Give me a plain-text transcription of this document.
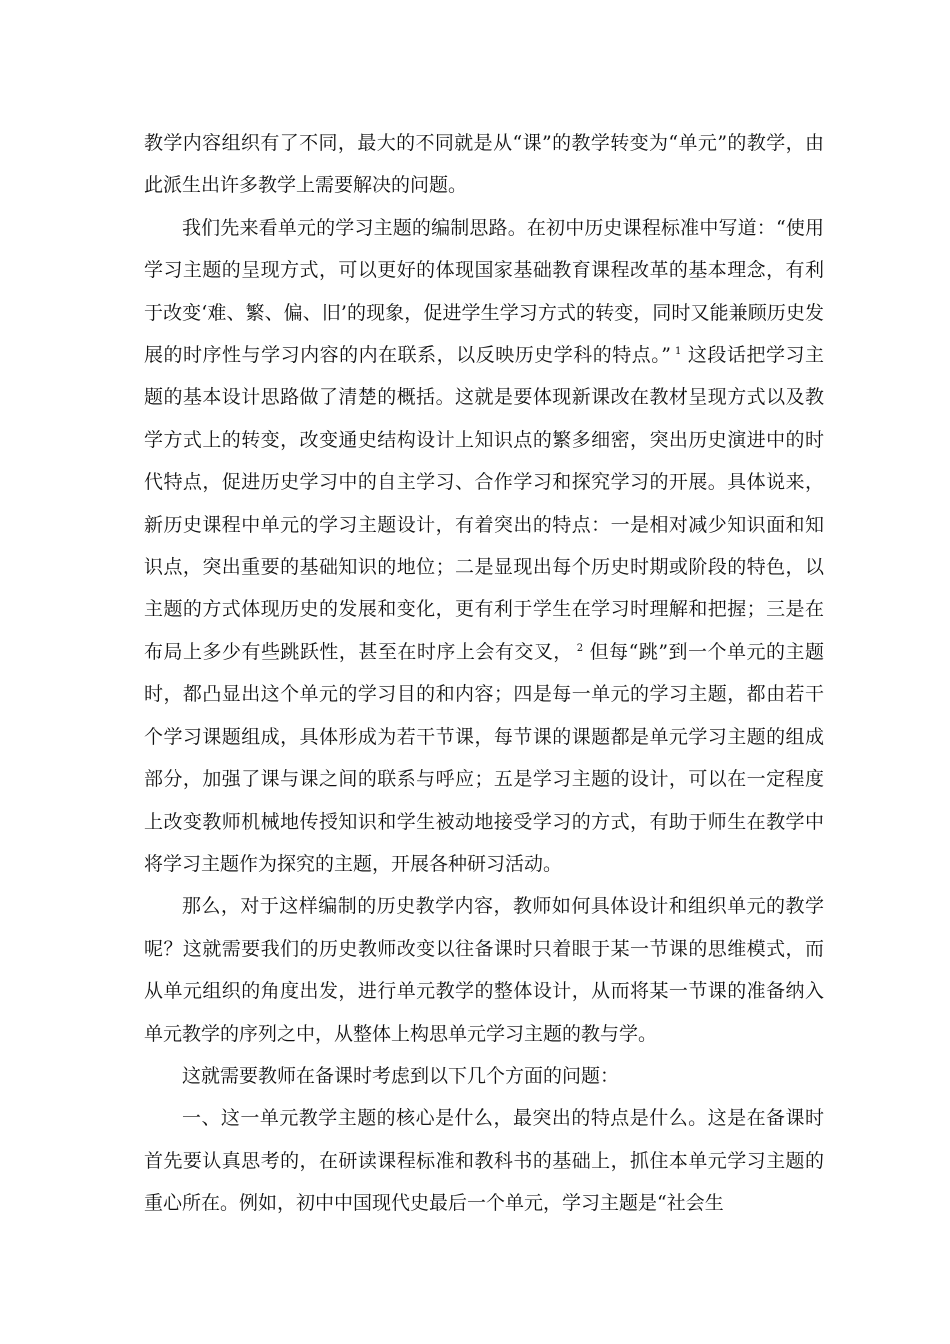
教学内容组织有了不同，最大的不同就是从“课”的教学转变为“单元”的教学，由此派生出许多教学上需要解决的问题。

我们先来看单元的学习主题的编制思路。在初中历史课程标准中写道：“使用学习主题的呈现方式，可以更好的体现国家基础教育课程改革的基本理念，有利于改变‘难、繁、偏、旧’的现象，促进学生学习方式的转变，同时又能兼顾历史发展的时序性与学习内容的内在联系，以反映历史学科的特点。” $^1$ 这段话把学习主题的基本设计思路做了清楚的概括。这就是要体现新课改在教材呈现方式以及教学方式上的转变，改变通史结构设计上知识点的繁多细密，突出历史演进中的时代特点，促进历史学习中的自主学习、合作学习和探究学习的开展。具体说来，新历史课程中单元的学习主题设计，有着突出的特点：一是相对减少知识面和知识点，突出重要的基础知识的地位；二是显现出每个历史时期或阶段的特色，以主题的方式体现历史的发展和变化，更有利于学生在学习时理解和把握；三是在布局上多少有些跳跃性，甚至在时序上会有交叉， $^2$ 但每“跳”到一个单元的主题时，都凸显出这个单元的学习目的和内容；四是每一单元的学习主题，都由若干个学习课题组成，具体形成为若干节课，每节课的课题都是单元学习主题的组成部分，加强了课与课之间的联系与呼应；五是学习主题的设计，可以在一定程度上改变教师机械地传授知识和学生被动地接受学习的方式，有助于师生在教学中将学习主题作为探究的主题，开展各种研习活动。

那么，对于这样编制的历史教学内容，教师如何具体设计和组织单元的教学呢？这就需要我们的历史教师改变以往备课时只着眼于某一节课的思维模式，而从单元组织的角度出发，进行单元教学的整体设计，从而将某一节课的准备纳入单元教学的序列之中，从整体上构思单元学习主题的教与学。

这就需要教师在备课时考虑到以下几个方面的问题：

一、这一单元教学主题的核心是什么，最突出的特点是什么。这是在备课时首先要认真思考的，在研读课程标准和教科书的基础上，抓住本单元学习主题的重心所在。例如，初中中国现代史最后一个单元，学习主题是“社会生
